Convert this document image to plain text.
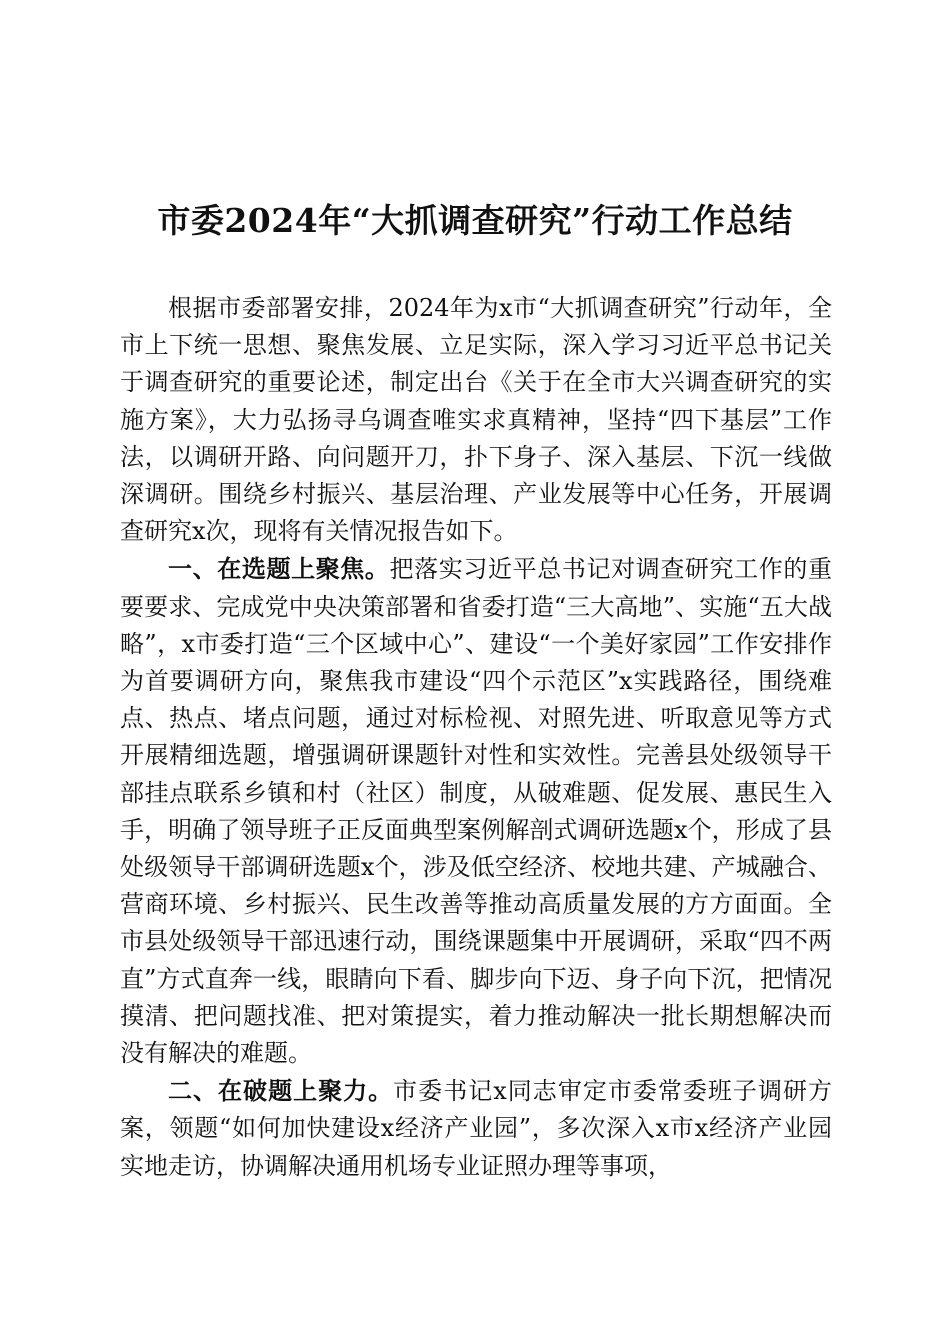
市委2024年“大抓调查研究”行动工作总结

根据市委部署安排，2024年为x市“大抓调查研究”行动年，全市上下统一思想、聚焦发展、立足实际，深入学习习近平总书记关于调查研究的重要论述，制定出台《关于在全市大兴调查研究的实施方案》，大力弘扬寻乌调查唯实求真精神，坚持“四下基层”工作法，以调研开路、向问题开刀，扑下身子、深入基层、下沉一线做深调研。围绕乡村振兴、基层治理、产业发展等中心任务，开展调查研究x次，现将有关情况报告如下。

一、在选题上聚焦。把落实习近平总书记对调查研究工作的重要要求、完成党中央决策部署和省委打造“三大高地”、实施“五大战略”，x市委打造“三个区域中心”、建设“一个美好家园”工作安排作为首要调研方向，聚焦我市建设“四个示范区”x实践路径，围绕难点、热点、堵点问题，通过对标检视、对照先进、听取意见等方式开展精细选题，增强调研课题针对性和实效性。完善县处级领导干部挂点联系乡镇和村（社区）制度，从破难题、促发展、惠民生入手，明确了领导班子正反面典型案例解剖式调研选题x个，形成了县处级领导干部调研选题x个，涉及低空经济、校地共建、产城融合、营商环境、乡村振兴、民生改善等推动高质量发展的方方面面。全市县处级领导干部迅速行动，围绕课题集中开展调研，采取“四不两直”方式直奔一线，眼睛向下看、脚步向下迈、身子向下沉，把情况摸清、把问题找准、把对策提实，着力推动解决一批长期想解决而没有解决的难题。

二、在破题上聚力。市委书记x同志审定市委常委班子调研方案，领题“如何加快建设x经济产业园”，多次深入x市x经济产业园实地走访，协调解决通用机场专业证照办理等事项，
